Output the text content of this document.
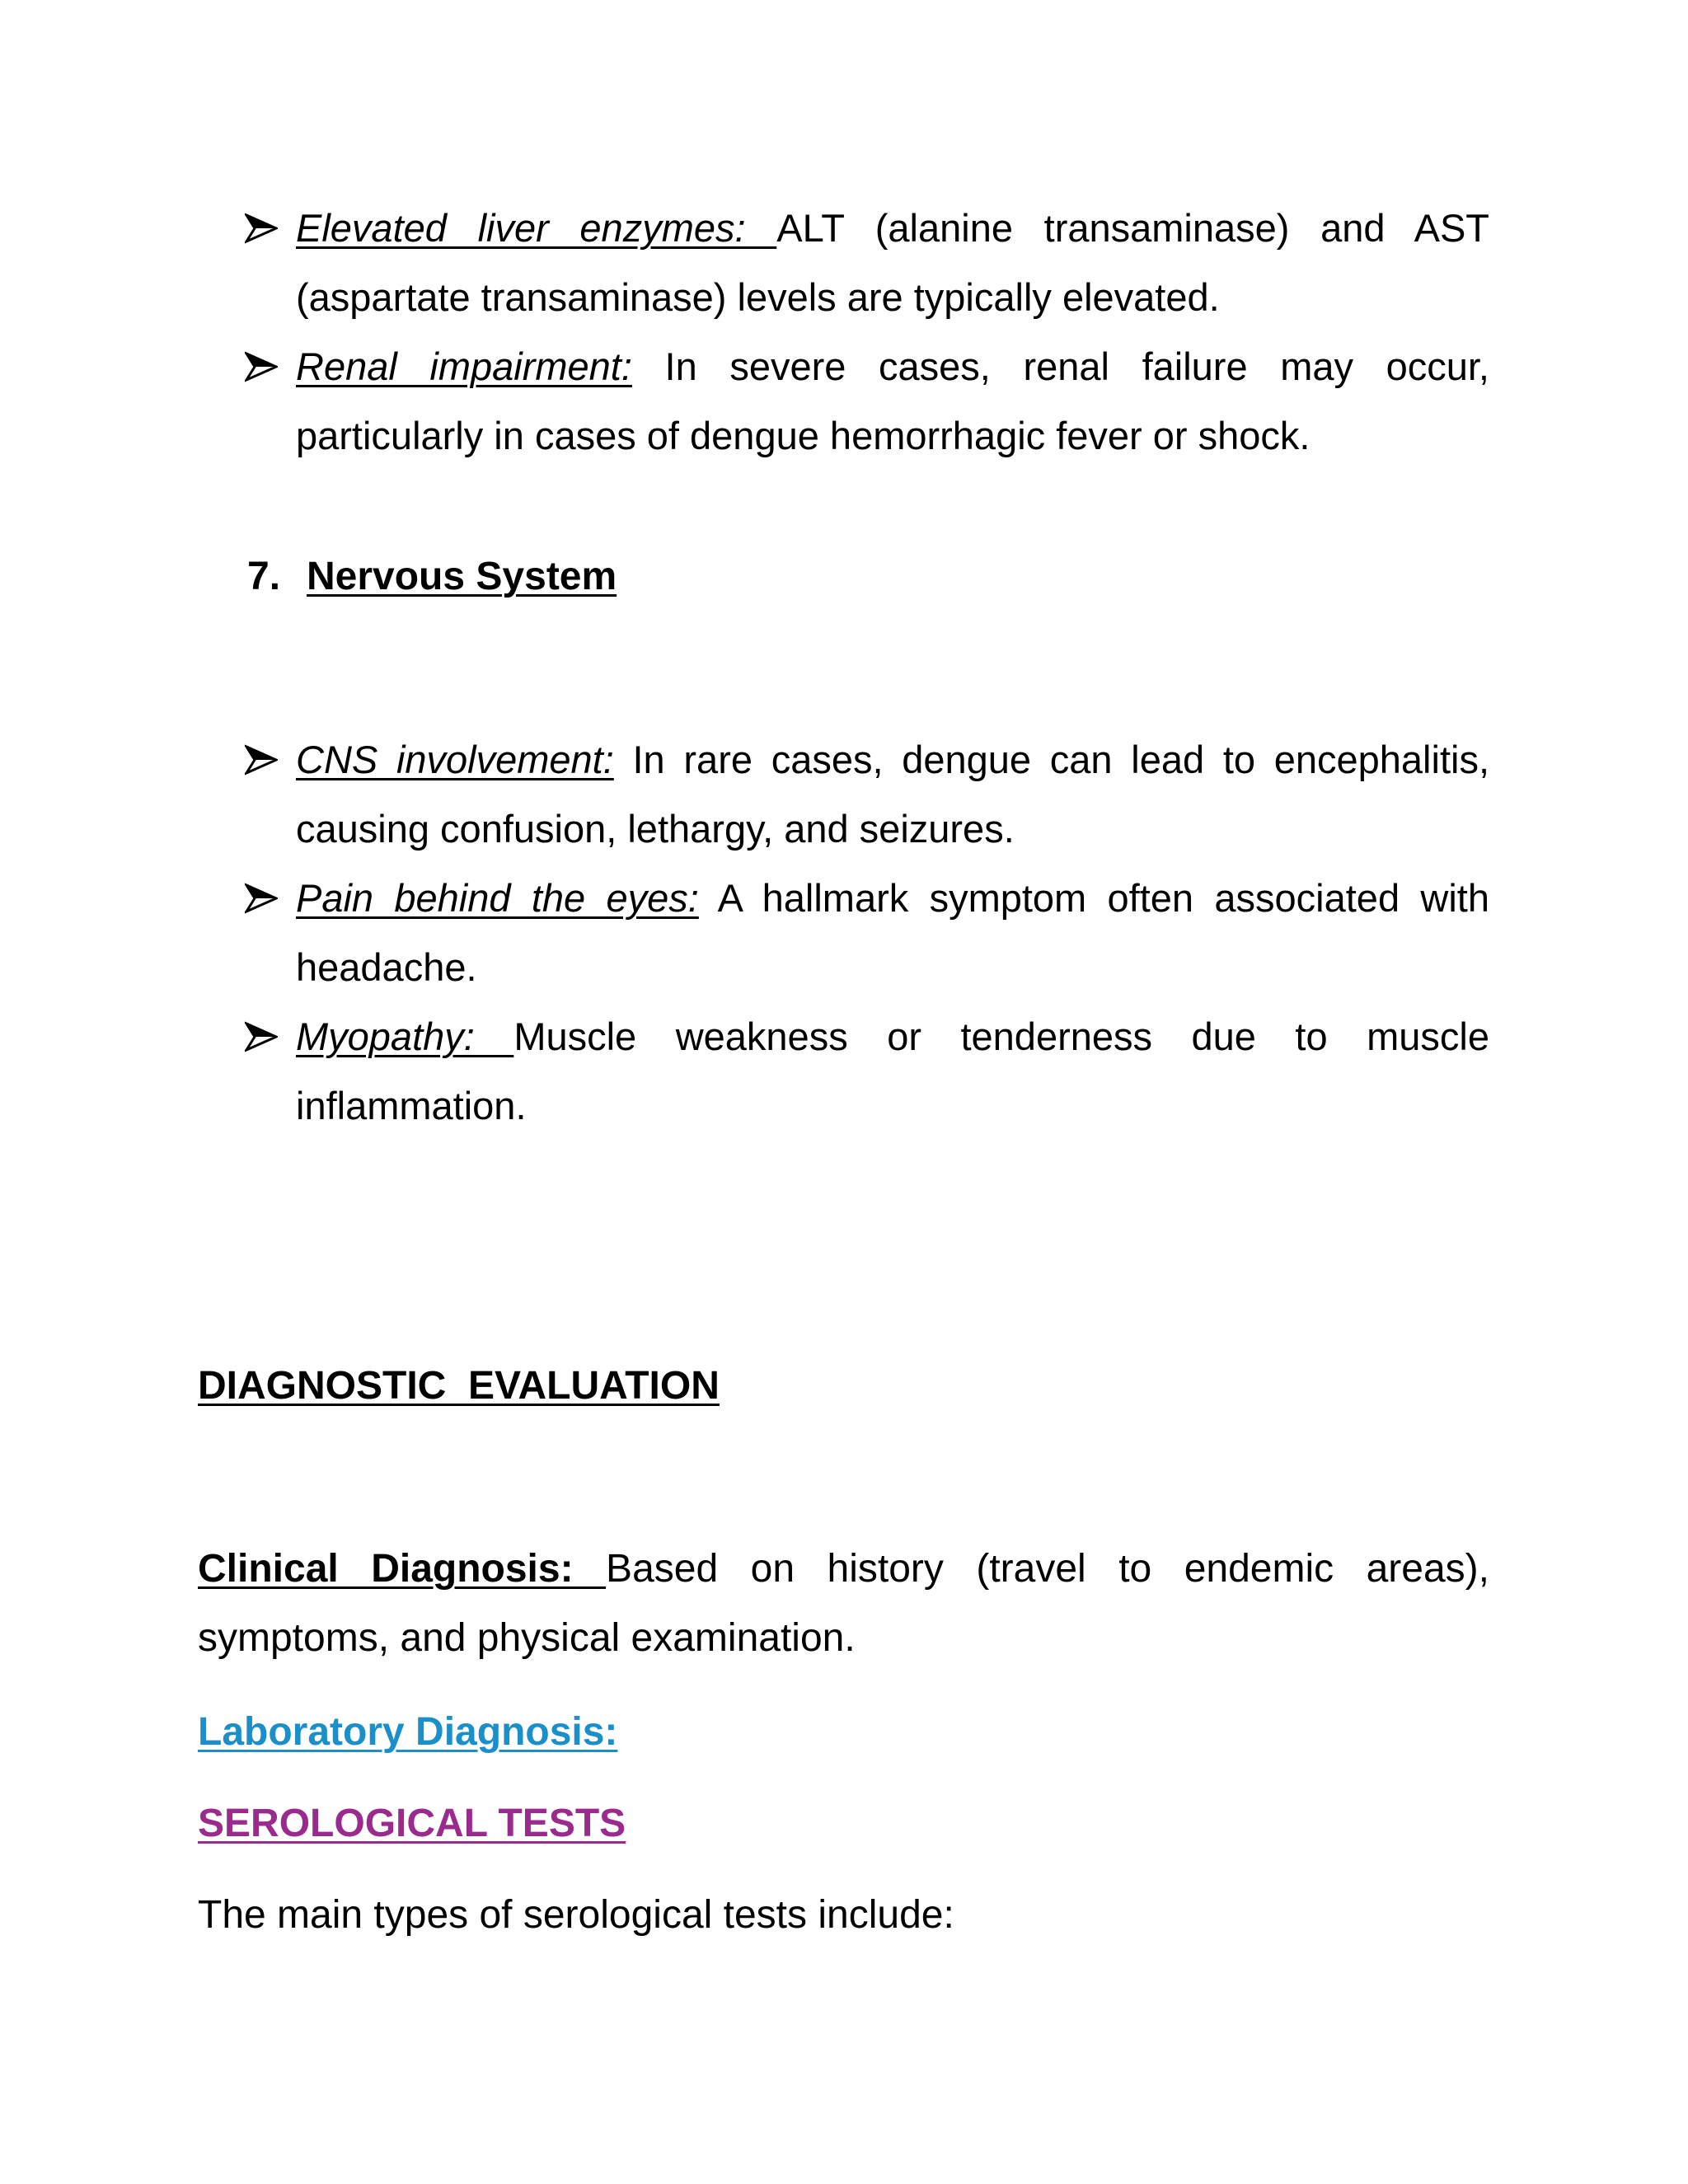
Elevated liver enzymes: ALT (alanine transaminase) and AST (aspartate transaminase) levels are typically elevated.
Renal impairment: In severe cases, renal failure may occur, particularly in cases of dengue hemorrhagic fever or shock.
7. Nervous System
CNS involvement: In rare cases, dengue can lead to encephalitis, causing confusion, lethargy, and seizures.
Pain behind the eyes: A hallmark symptom often associated with headache.
Myopathy: Muscle weakness or tenderness due to muscle inflammation.
DIAGNOSTIC  EVALUATION
Clinical Diagnosis: Based on history (travel to endemic areas), symptoms, and physical examination.
Laboratory Diagnosis:
SEROLOGICAL TESTS
The main types of serological tests include:
